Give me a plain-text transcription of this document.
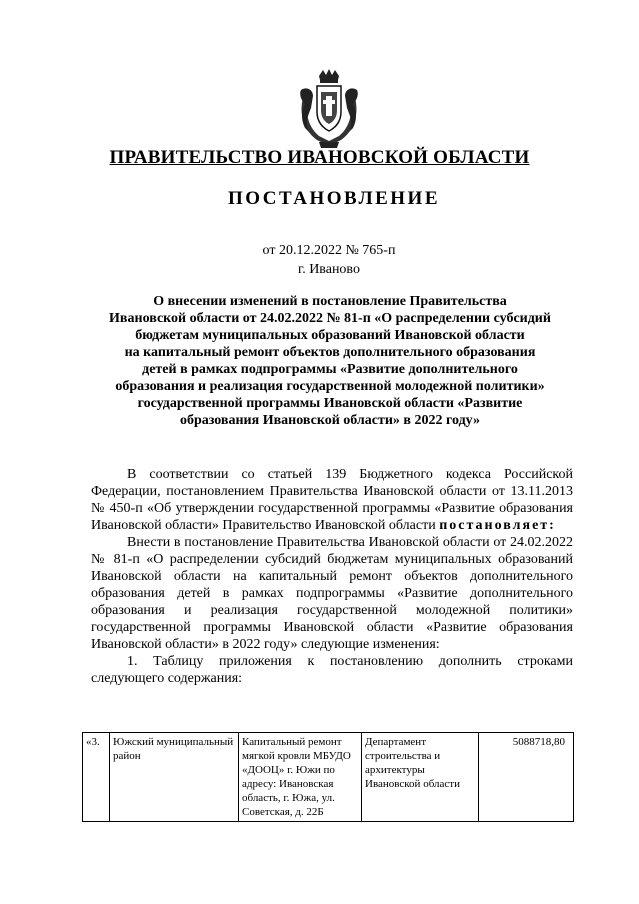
ПРАВИТЕЛЬСТВО ИВАНОВСКОЙ ОБЛАСТИ
ПОСТАНОВЛЕНИЕ
от 20.12.2022 № 765-п
г. Иваново
О внесении изменений в постановление Правительства
Ивановской области от 24.02.2022 № 81-п «О распределении субсидий
бюджетам муниципальных образований Ивановской области
на капитальный ремонт объектов дополнительного образования
детей в рамках подпрограммы «Развитие дополнительного
образования и реализация государственной молодежной политики»
государственной программы Ивановской области «Развитие
образования Ивановской области» в 2022 году»

В соответствии со статьей 139 Бюджетного кодекса Российской Федерации, постановлением Правительства Ивановской области от 13.11.2013 № 450-п «Об утверждении государственной программы «Развитие образования Ивановской области» Правительство Ивановской области постановляет:

Внести в постановление Правительства Ивановской области от 24.02.2022 № 81-п «О распределении субсидий бюджетам муниципальных образований Ивановской области на капитальный ремонт объектов дополнительного образования детей в рамках подпрограммы «Развитие дополнительного образования и реализация государственной молодежной политики» государственной программы Ивановской области «Развитие образования Ивановской области» в 2022 году» следующие изменения:

1. Таблицу приложения к постановлению дополнить строками следующего содержания:

«3.	Южский муниципальный район	Капитальный ремонт мягкой кровли МБУДО «ДООЦ» г. Южи по адресу: Ивановская область, г. Южа, ул. Советская, д. 22Б	Департамент строительства и архитектуры Ивановской области	5088718,80
